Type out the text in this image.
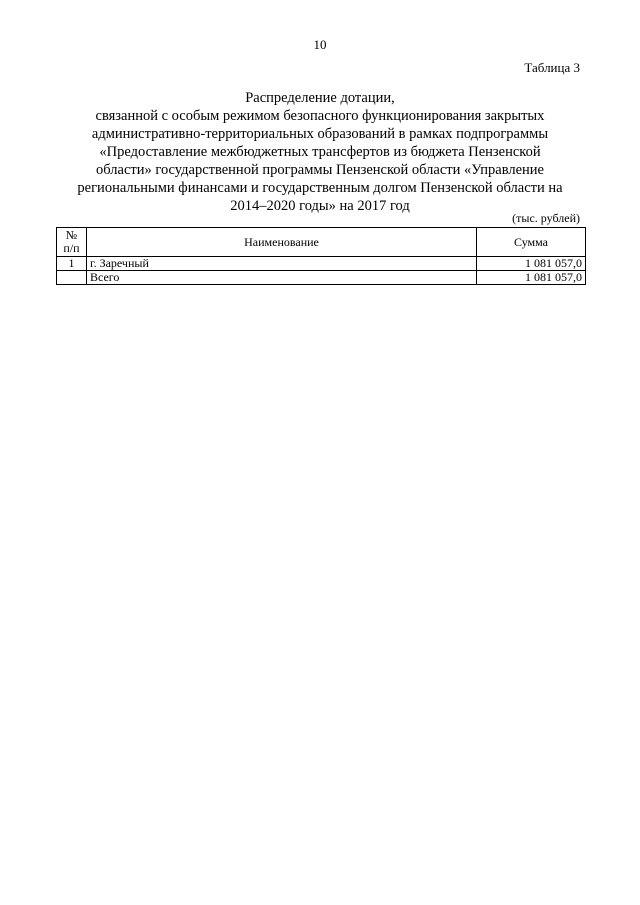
10
Таблица 3
Распределение дотации,
связанной с особым режимом безопасного функционирования закрытых
административно-территориальных образований в рамках подпрограммы
«Предоставление межбюджетных трансфертов из бюджета Пензенской
области» государственной программы Пензенской области «Управление
региональными финансами и государственным долгом Пензенской области на
2014–2020 годы» на 2017 год
(тыс. рублей)
№
п/п	Наименование	Сумма
1	г. Заречный	1 081 057,0
	Всего	1 081 057,0
